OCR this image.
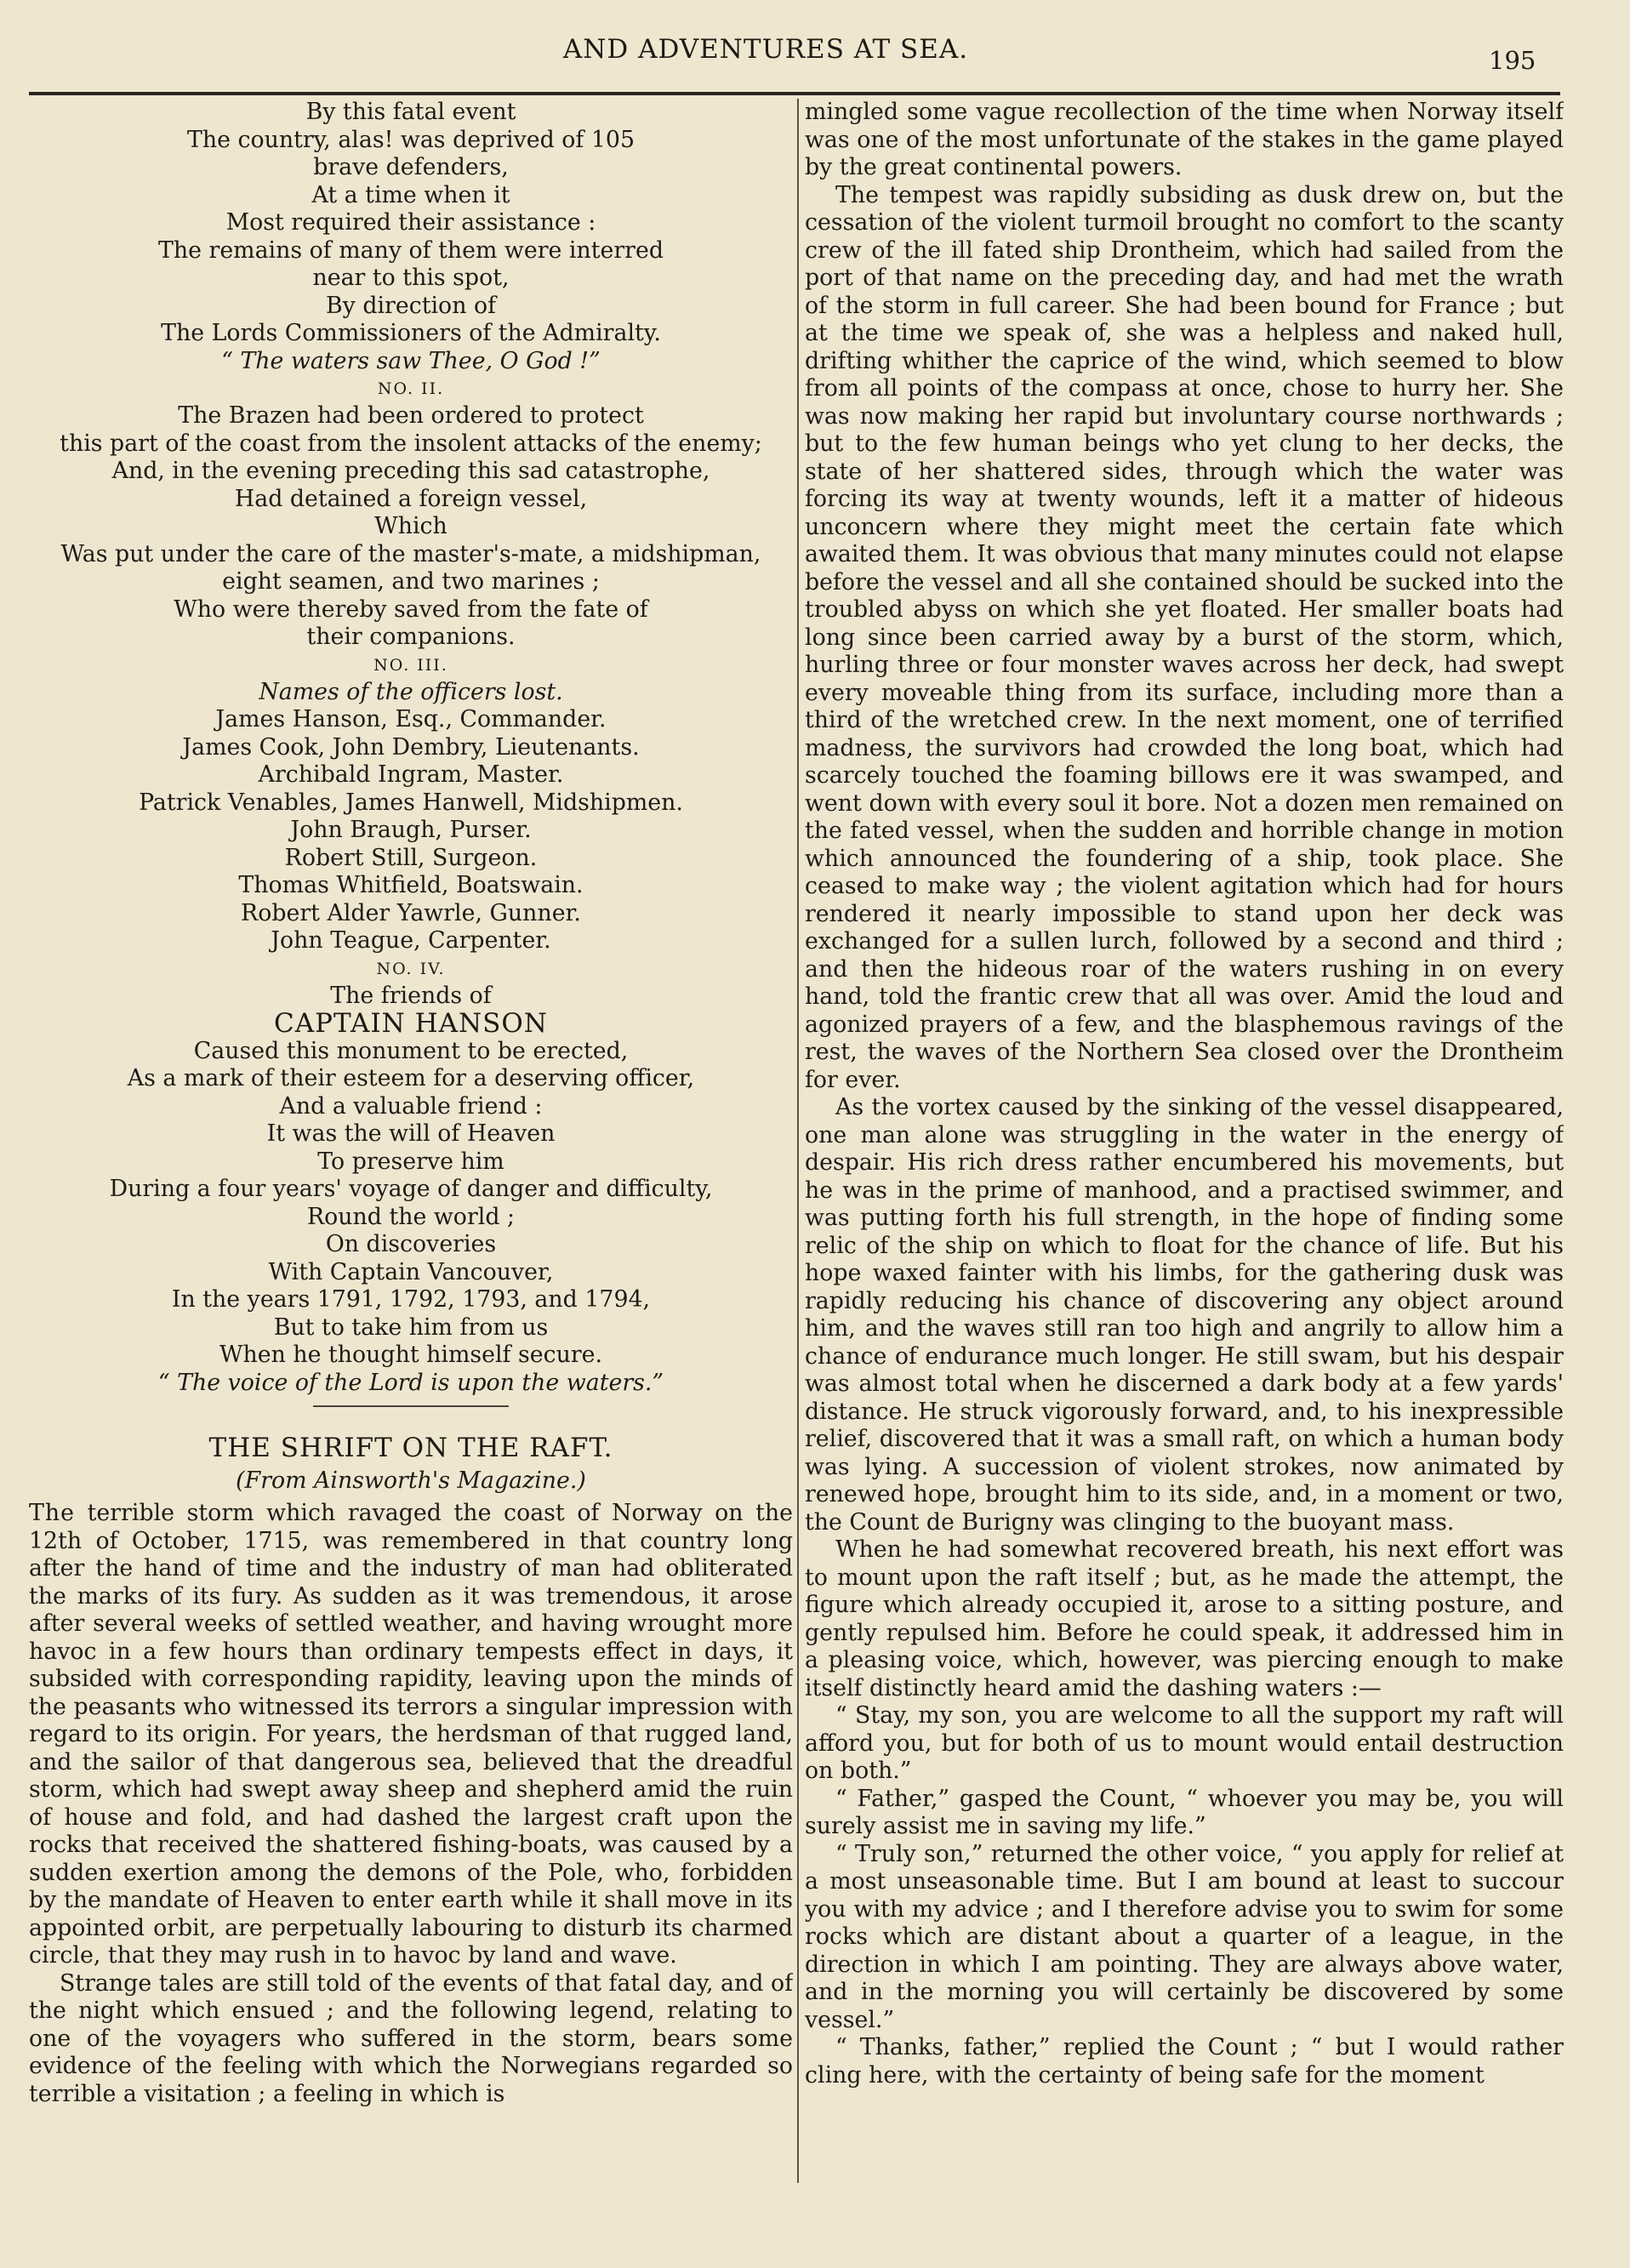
AND ADVENTURES AT SEA.	195

By this fatal event

The country, alas! was deprived of 105

brave defenders,

At a time when it

Most required their assistance :

The remains of many of them were interred

near to this spot,

By direction of

The Lords Commissioners of the Admiralty.

“ The waters saw Thee, O God !”

NO. II.

The Brazen had been ordered to protect

this part of the coast from the insolent attacks of the enemy;

And, in the evening preceding this sad catastrophe,

Had detained a foreign vessel,

Which

Was put under the care of the master's-mate, a midshipman,

eight seamen, and two marines ;

Who were thereby saved from the fate of

their companions.

NO. III.

Names of the officers lost.

James Hanson, Esq., Commander.

James Cook, John Dembry, Lieutenants.

Archibald Ingram, Master.

Patrick Venables, James Hanwell, Midshipmen.

John Braugh, Purser.

Robert Still, Surgeon.

Thomas Whitfield, Boatswain.

Robert Alder Yawrle, Gunner.

John Teague, Carpenter.

NO. IV.

The friends of

CAPTAIN HANSON

Caused this monument to be erected,

As a mark of their esteem for a deserving officer,

And a valuable friend :

It was the will of Heaven

To preserve him

During a four years' voyage of danger and difficulty,

Round the world ;

On discoveries

With Captain Vancouver,

In the years 1791, 1792, 1793, and 1794,

But to take him from us

When he thought himself secure.

“ The voice of the Lord is upon the waters.”

THE SHRIFT ON THE RAFT.

(From Ainsworth's Magazine.)

The terrible storm which ravaged the coast of Norway on the 12th of October, 1715, was remembered in that country long after the hand of time and the industry of man had obliterated the marks of its fury. As sudden as it was tremendous, it arose after several weeks of settled weather, and having wrought more havoc in a few hours than ordinary tempests effect in days, it subsided with corresponding rapidity, leaving upon the minds of the peasants who witnessed its terrors a singular impression with regard to its origin. For years, the herdsman of that rugged land, and the sailor of that dangerous sea, believed that the dreadful storm, which had swept away sheep and shepherd amid the ruin of house and fold, and had dashed the largest craft upon the rocks that received the shattered fishing-boats, was caused by a sudden exertion among the demons of the Pole, who, forbidden by the mandate of Heaven to enter earth while it shall move in its appointed orbit, are perpetually labouring to disturb its charmed circle, that they may rush in to havoc by land and wave.

Strange tales are still told of the events of that fatal day, and of the night which ensued ; and the following legend, relating to one of the voyagers who suffered in the storm, bears some evidence of the feeling with which the Norwegians regarded so terrible a visitation ; a feeling in which is

mingled some vague recollection of the time when Norway itself was one of the most unfortunate of the stakes in the game played by the great continental powers.

The tempest was rapidly subsiding as dusk drew on, but the cessation of the violent turmoil brought no comfort to the scanty crew of the ill fated ship Drontheim, which had sailed from the port of that name on the preceding day, and had met the wrath of the storm in full career. She had been bound for France ; but at the time we speak of, she was a helpless and naked hull, drifting whither the caprice of the wind, which seemed to blow from all points of the compass at once, chose to hurry her. She was now making her rapid but involuntary course northwards ; but to the few human beings who yet clung to her decks, the state of her shattered sides, through which the water was forcing its way at twenty wounds, left it a matter of hideous unconcern where they might meet the certain fate which awaited them. It was obvious that many minutes could not elapse before the vessel and all she contained should be sucked into the troubled abyss on which she yet floated. Her smaller boats had long since been carried away by a burst of the storm, which, hurling three or four monster waves across her deck, had swept every moveable thing from its surface, including more than a third of the wretched crew. In the next moment, one of terrified madness, the survivors had crowded the long boat, which had scarcely touched the foaming billows ere it was swamped, and went down with every soul it bore. Not a dozen men remained on the fated vessel, when the sudden and horrible change in motion which announced the foundering of a ship, took place. She ceased to make way ; the violent agitation which had for hours rendered it nearly impossible to stand upon her deck was exchanged for a sullen lurch, followed by a second and third ; and then the hideous roar of the waters rushing in on every hand, told the frantic crew that all was over. Amid the loud and agonized prayers of a few, and the blasphemous ravings of the rest, the waves of the Northern Sea closed over the Drontheim for ever.

As the vortex caused by the sinking of the vessel disappeared, one man alone was struggling in the water in the energy of despair. His rich dress rather encumbered his movements, but he was in the prime of manhood, and a practised swimmer, and was putting forth his full strength, in the hope of finding some relic of the ship on which to float for the chance of life. But his hope waxed fainter with his limbs, for the gathering dusk was rapidly reducing his chance of discovering any object around him, and the waves still ran too high and angrily to allow him a chance of endurance much longer. He still swam, but his despair was almost total when he discerned a dark body at a few yards' distance. He struck vigorously forward, and, to his inexpressible relief, discovered that it was a small raft, on which a human body was lying. A succession of violent strokes, now animated by renewed hope, brought him to its side, and, in a moment or two, the Count de Burigny was clinging to the buoyant mass.

When he had somewhat recovered breath, his next effort was to mount upon the raft itself ; but, as he made the attempt, the figure which already occupied it, arose to a sitting posture, and gently repulsed him. Before he could speak, it addressed him in a pleasing voice, which, however, was piercing enough to make itself distinctly heard amid the dashing waters :—

“ Stay, my son, you are welcome to all the support my raft will afford you, but for both of us to mount would entail destruction on both.”

“ Father,” gasped the Count, “ whoever you may be, you will surely assist me in saving my life.”

“ Truly son,” returned the other voice, “ you apply for relief at a most unseasonable time. But I am bound at least to succour you with my advice ; and I therefore advise you to swim for some rocks which are distant about a quarter of a league, in the direction in which I am pointing. They are always above water, and in the morning you will certainly be discovered by some vessel.”

“ Thanks, father,” replied the Count ; “ but I would rather cling here, with the certainty of being safe for the moment
